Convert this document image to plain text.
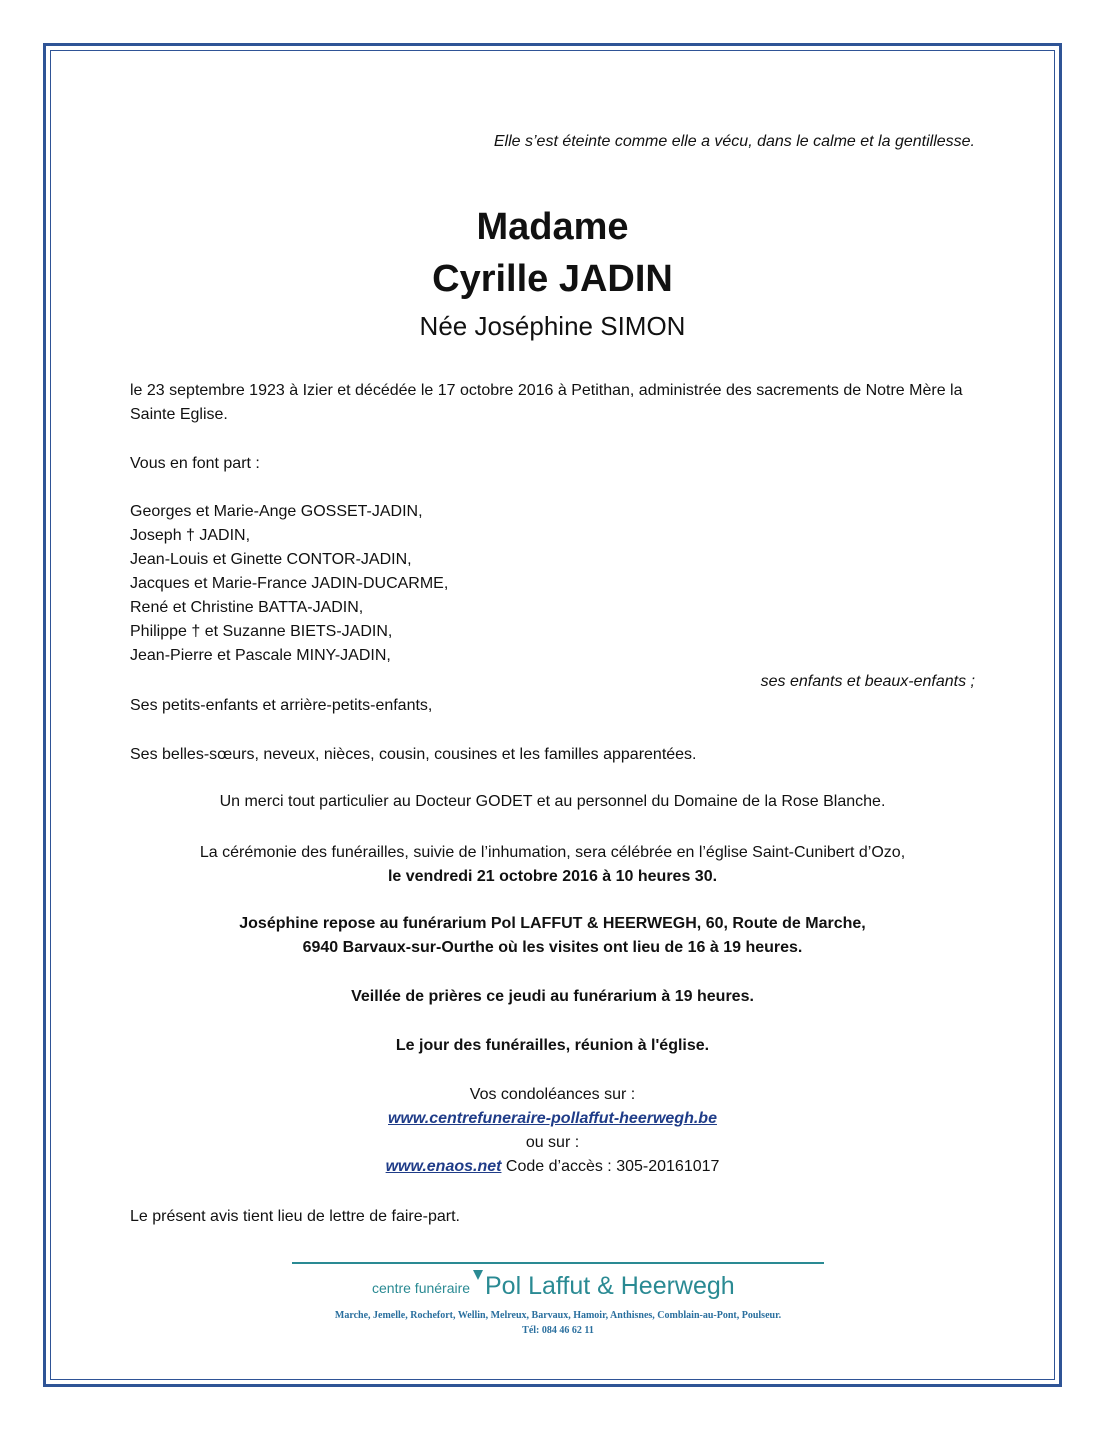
Elle s’est éteinte comme elle a vécu, dans le calme et la gentillesse.
Madame
Cyrille JADIN
Née Joséphine SIMON
le 23 septembre 1923 à Izier et décédée le 17 octobre 2016 à Petithan, administrée des sacrements de Notre Mère la Sainte Eglise.
Vous en font part :
Georges et Marie-Ange GOSSET-JADIN,
Joseph † JADIN,
Jean-Louis et Ginette CONTOR-JADIN,
Jacques et Marie-France JADIN-DUCARME,
René et Christine BATTA-JADIN,
Philippe † et Suzanne BIETS-JADIN,
Jean-Pierre et Pascale MINY-JADIN,
ses enfants et beaux-enfants ;
Ses petits-enfants et arrière-petits-enfants,
Ses belles-sœurs, neveux, nièces, cousin, cousines et les familles apparentées.
Un merci tout particulier au Docteur GODET et au personnel du Domaine de la Rose Blanche.
La cérémonie des funérailles, suivie de l’inhumation, sera célébrée en l’église Saint-Cunibert d’Ozo,
le vendredi 21 octobre 2016 à 10 heures 30.
Joséphine repose au funérarium Pol LAFFUT & HEERWEGH, 60, Route de Marche,
6940 Barvaux-sur-Ourthe où les visites ont lieu de 16 à 19 heures.
Veillée de prières ce jeudi au funérarium à 19 heures.
Le jour des funérailles, réunion à l'église.
Vos condoléances sur :
www.centrefuneraire-pollaffut-heerwegh.be
ou sur :
www.enaos.net Code d’accès : 305-20161017
Le présent avis tient lieu de lettre de faire-part.
centre funéraire Pol Laffut & Heerwegh
Marche, Jemelle, Rochefort, Wellin, Melreux, Barvaux, Hamoir, Anthisnes, Comblain-au-Pont, Poulseur.
Tél: 084 46 62 11
